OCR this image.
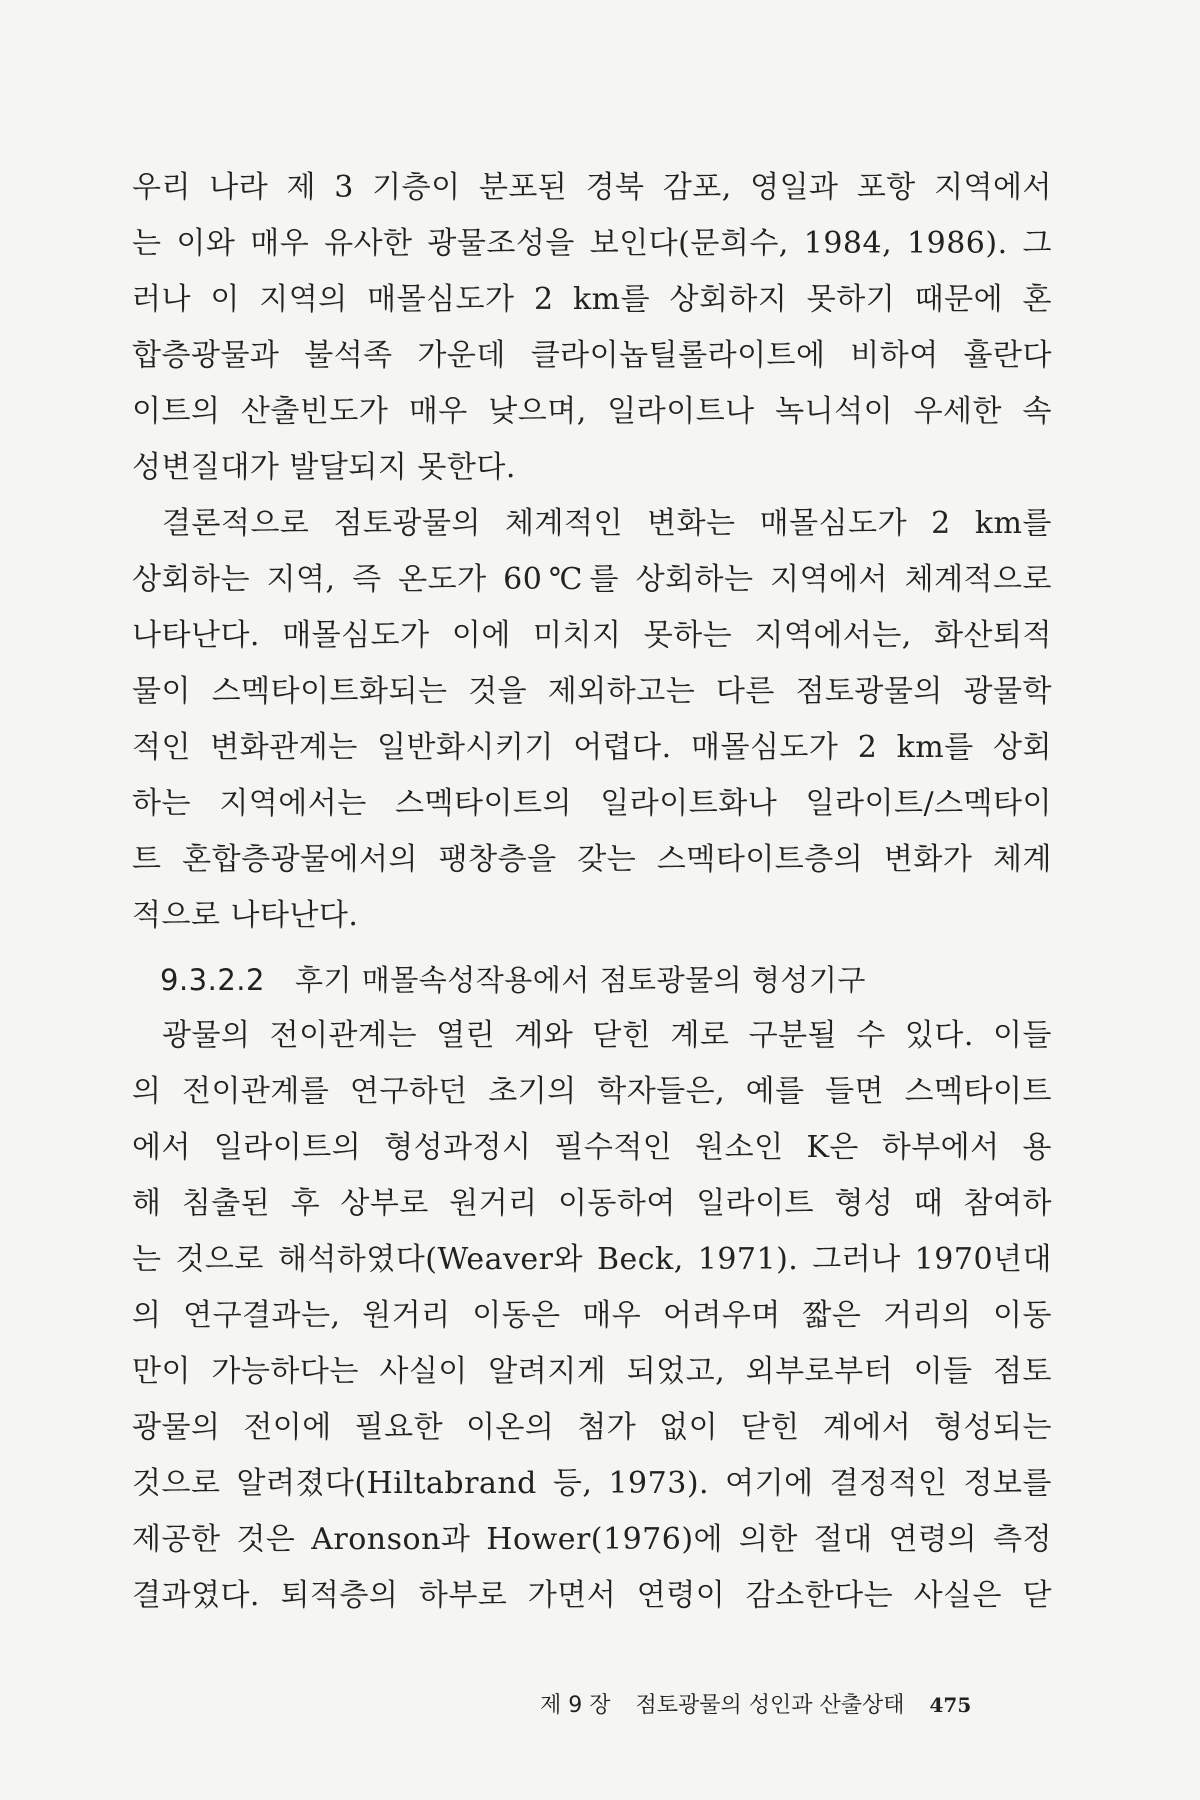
우리 나라 제 3 기층이 분포된 경북 감포, 영일과 포항 지역에서
는 이와 매우 유사한 광물조성을 보인다(문희수, 1984, 1986). 그
러나 이 지역의 매몰심도가 2 km를 상회하지 못하기 때문에 혼
합층광물과 불석족 가운데 클라이놉틸롤라이트에 비하여 휼란다
이트의 산출빈도가 매우 낮으며, 일라이트나 녹니석이 우세한 속
성변질대가 발달되지 못한다.
결론적으로 점토광물의 체계적인 변화는 매몰심도가 2 km를
상회하는 지역, 즉 온도가 60℃를 상회하는 지역에서 체계적으로
나타난다. 매몰심도가 이에 미치지 못하는 지역에서는, 화산퇴적
물이 스멕타이트화되는 것을 제외하고는 다른 점토광물의 광물학
적인 변화관계는 일반화시키기 어렵다. 매몰심도가 2 km를 상회
하는 지역에서는 스멕타이트의 일라이트화나 일라이트/스멕타이
트 혼합층광물에서의 팽창층을 갖는 스멕타이트층의 변화가 체계
적으로 나타난다.
9.3.2.2 후기 매몰속성작용에서 점토광물의 형성기구
광물의 전이관계는 열린 계와 닫힌 계로 구분될 수 있다. 이들
의 전이관계를 연구하던 초기의 학자들은, 예를 들면 스멕타이트
에서 일라이트의 형성과정시 필수적인 원소인 K은 하부에서 용
해 침출된 후 상부로 원거리 이동하여 일라이트 형성 때 참여하
는 것으로 해석하였다(Weaver와 Beck, 1971). 그러나 1970년대
의 연구결과는, 원거리 이동은 매우 어려우며 짧은 거리의 이동
만이 가능하다는 사실이 알려지게 되었고, 외부로부터 이들 점토
광물의 전이에 필요한 이온의 첨가 없이 닫힌 계에서 형성되는
것으로 알려졌다(Hiltabrand 등, 1973). 여기에 결정적인 정보를
제공한 것은 Aronson과 Hower(1976)에 의한 절대 연령의 측정
결과였다. 퇴적층의 하부로 가면서 연령이 감소한다는 사실은 닫
제 9 장 점토광물의 성인과 산출상태 475
